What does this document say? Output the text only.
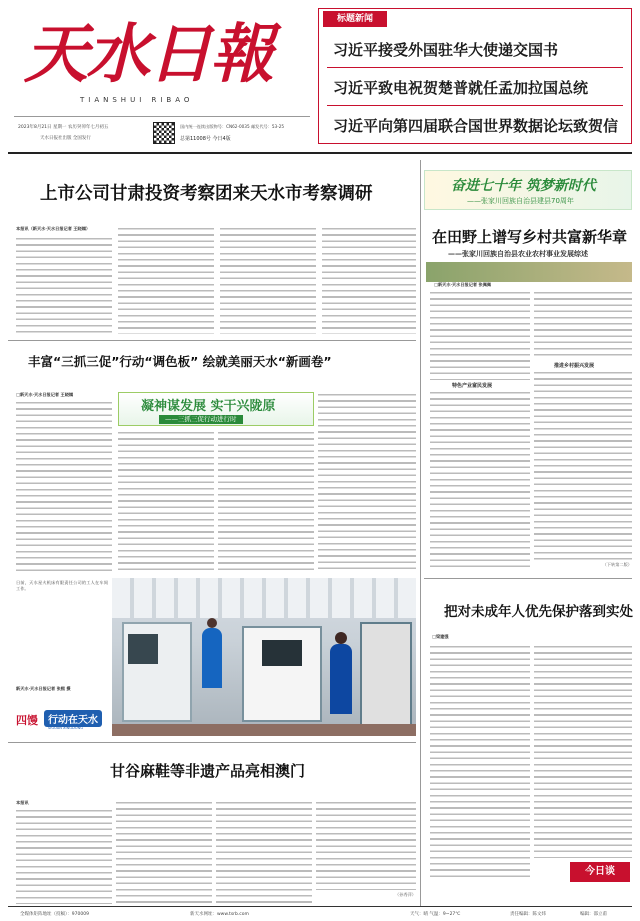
天水日報
TIANSHUI RIBAO
2023年8月21日 星期一 农历癸卯年七月初五
天水日报社出版 全国发行
国内统一连续出版物号：CN62-0035 邮发代号：53-25
总第11008号 今日4版
标题新闻
习近平接受外国驻华大使递交国书
习近平致电祝贺楚普就任孟加拉国总统
习近平向第四届联合国世界数据论坛致贺信
上市公司甘肃投资考察团来天水市考察调研
本报讯（新天水·天水日报记者 王晓嫣）
奋进七十年 筑梦新时代
——张家川回族自治县建县70周年
在田野上谱写乡村共富新华章
——张家川回族自治县农业农村事业发展综述
□新天水·天水日报记者 张佩佩
特色产业富民发展
推进乡村振兴发展
（下转第二版）
丰富“三抓三促”行动“调色板” 绘就美丽天水“新画卷”
□新天水·天水日报记者 王晓嫣
凝神谋发展 实干兴陇原
——三抓三促行动进行时
日前，天水星火机床有限责任公司的工人在车间工作。
新天水·天水日报记者 张熙 摄
四馒	行动在天水
SIGUAN XINGDONG
甘谷麻鞋等非遗产品亮相澳门
本报讯
（孙秀萍）
把对未成年人优先保护落到实处
□梁建强
今日谈
全媒体矩阵地址（投稿）：970009	新天水网址：www.tsrb.com	天气：晴 气温：9~27℃	责任编辑：陈文炜	编辑：邵立甫
